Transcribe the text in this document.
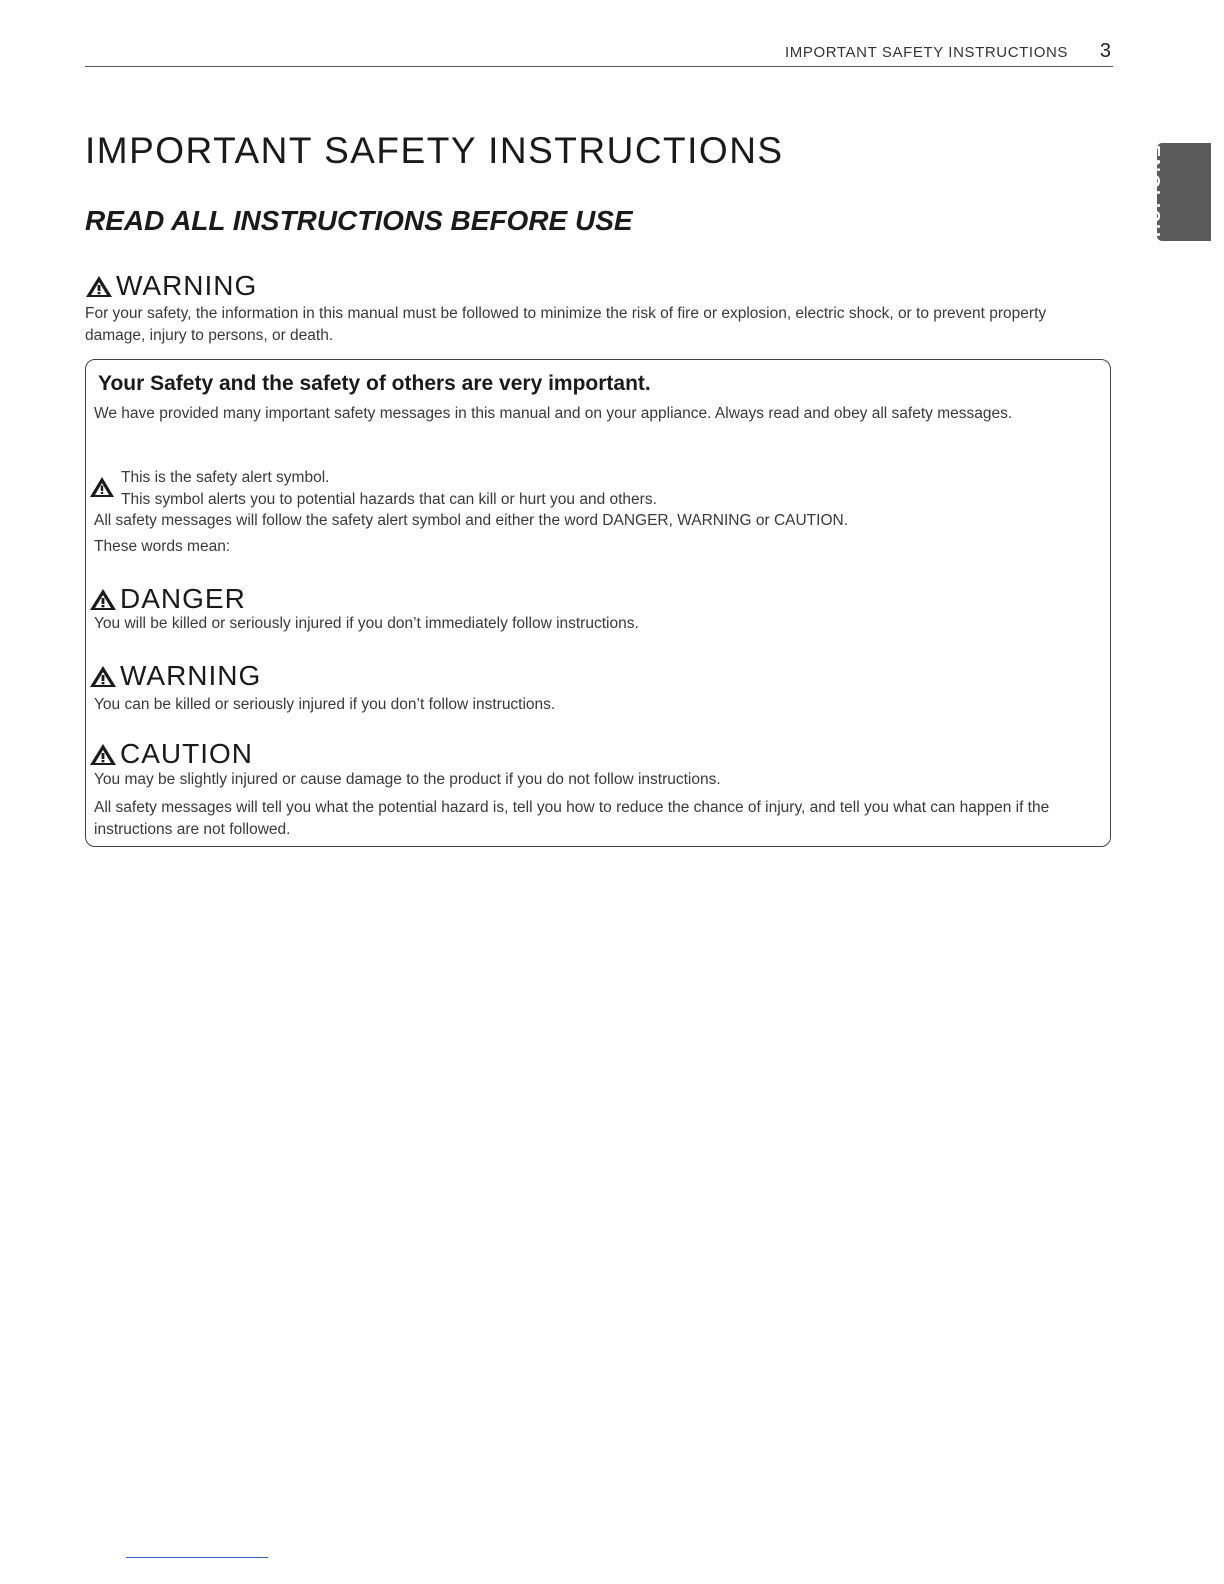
IMPORTANT SAFETY INSTRUCTIONS 3
ENGLISH
IMPORTANT SAFETY INSTRUCTIONS
READ ALL INSTRUCTIONS BEFORE USE
WARNING

For your safety, the information in this manual must be followed to minimize the risk of fire or explosion, electric shock, or to prevent property damage, injury to persons, or death.

Your Safety and the safety of others are very important.

We have provided many important safety messages in this manual and on your appliance. Always read and obey all safety messages.

This is the safety alert symbol.

This symbol alerts you to potential hazards that can kill or hurt you and others.

All safety messages will follow the safety alert symbol and either the word DANGER, WARNING or CAUTION.

These words mean:

DANGER

You will be killed or seriously injured if you don’t immediately follow instructions.

WARNING

You can be killed or seriously injured if you don’t follow instructions.

CAUTION

You may be slightly injured or cause damage to the product if you do not follow instructions.

All safety messages will tell you what the potential hazard is, tell you how to reduce the chance of injury, and tell you what can happen if the instructions are not followed.
